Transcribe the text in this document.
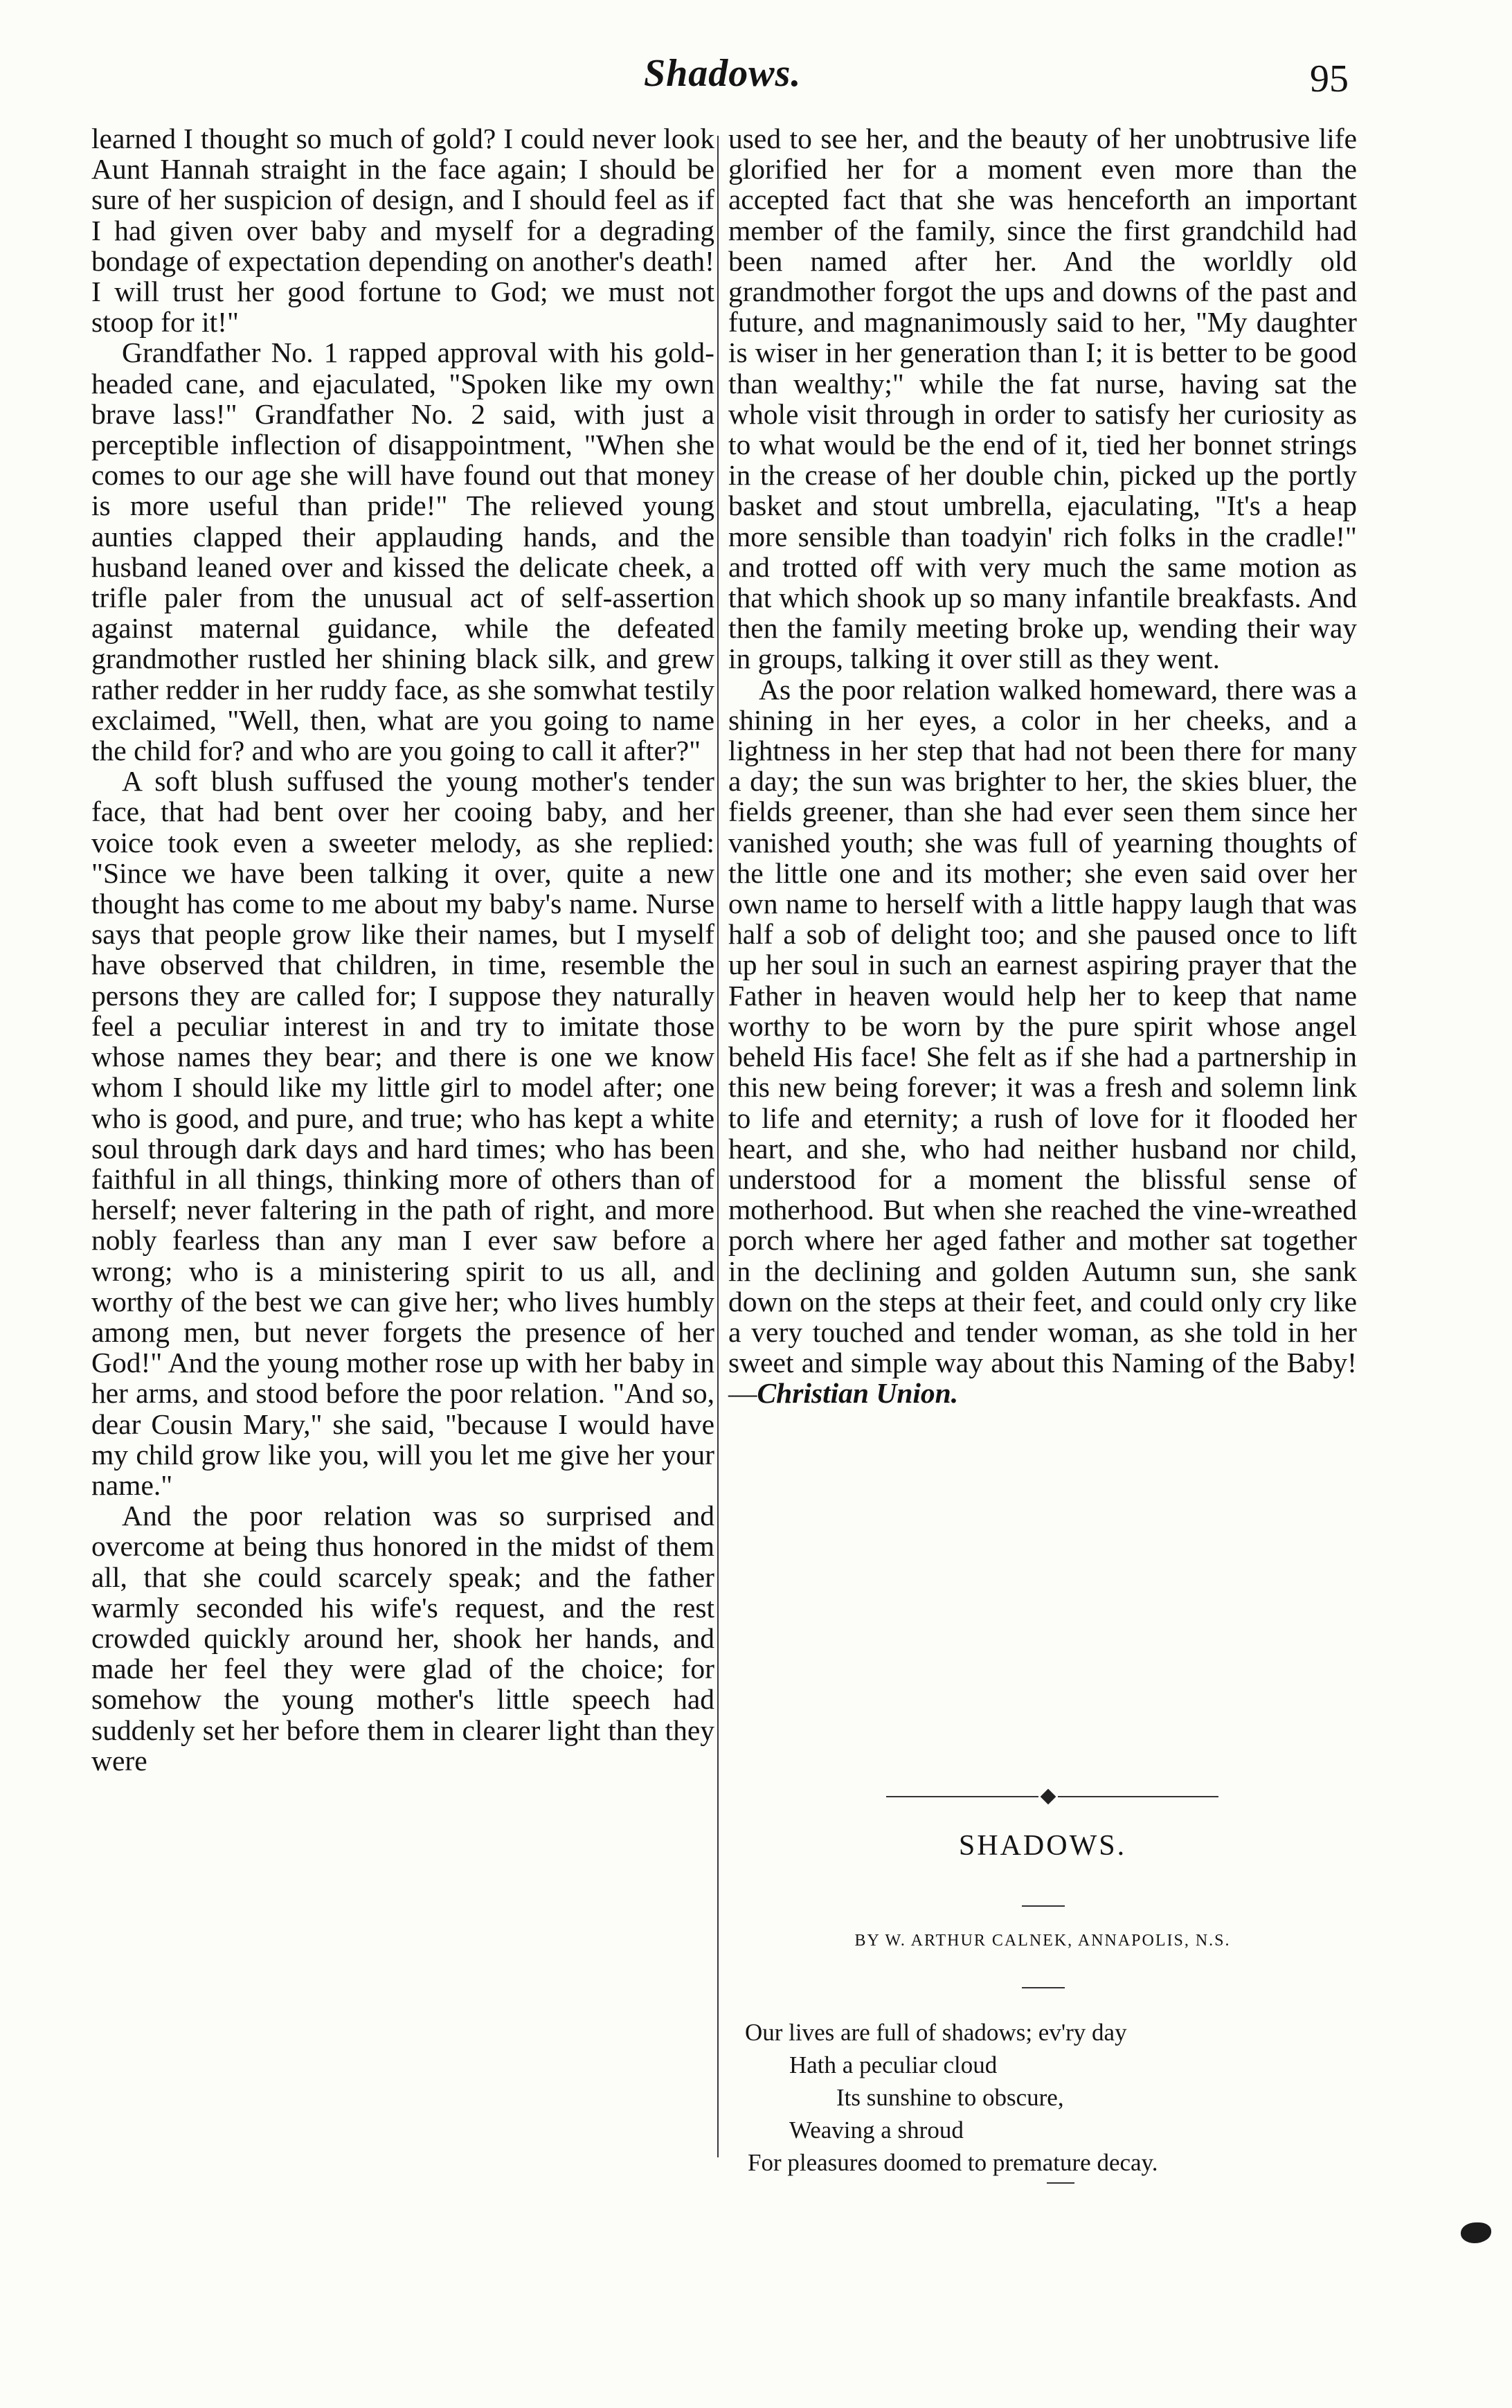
Shadows.	95

learned I thought so much of gold? I could never look Aunt Hannah straight in the face again; I should be sure of her suspicion of design, and I should feel as if I had given over baby and myself for a degrading bondage of expectation depending on another's death! I will trust her good fortune to God; we must not stoop for it!"

Grandfather No. 1 rapped approval with his gold-headed cane, and ejaculated, "Spoken like my own brave lass!" Grandfather No. 2 said, with just a perceptible inflection of disappointment, "When she comes to our age she will have found out that money is more useful than pride!" The relieved young aunties clapped their applauding hands, and the husband leaned over and kissed the delicate cheek, a trifle paler from the unusual act of self-assertion against maternal guidance, while the defeated grandmother rustled her shining black silk, and grew rather redder in her ruddy face, as she somwhat testily exclaimed, "Well, then, what are you going to name the child for? and who are you going to call it after?"

A soft blush suffused the young mother's tender face, that had bent over her cooing baby, and her voice took even a sweeter melody, as she replied: "Since we have been talking it over, quite a new thought has come to me about my baby's name. Nurse says that people grow like their names, but I myself have observed that children, in time, resemble the persons they are called for; I suppose they naturally feel a peculiar interest in and try to imitate those whose names they bear; and there is one we know whom I should like my little girl to model after; one who is good, and pure, and true; who has kept a white soul through dark days and hard times; who has been faithful in all things, thinking more of others than of herself; never faltering in the path of right, and more nobly fearless than any man I ever saw before a wrong; who is a ministering spirit to us all, and worthy of the best we can give her; who lives humbly among men, but never forgets the presence of her God!" And the young mother rose up with her baby in her arms, and stood before the poor relation. "And so, dear Cousin Mary," she said, "because I would have my child grow like you, will you let me give her your name."

And the poor relation was so surprised and overcome at being thus honored in the midst of them all, that she could scarcely speak; and the father warmly seconded his wife's request, and the rest crowded quickly around her, shook her hands, and made her feel they were glad of the choice; for somehow the young mother's little speech had suddenly set her before them in clearer light than they were

used to see her, and the beauty of her unobtrusive life glorified her for a moment even more than the accepted fact that she was henceforth an important member of the family, since the first grandchild had been named after her. And the worldly old grandmother forgot the ups and downs of the past and future, and magnanimously said to her, "My daughter is wiser in her generation than I; it is better to be good than wealthy;" while the fat nurse, having sat the whole visit through in order to satisfy her curiosity as to what would be the end of it, tied her bonnet strings in the crease of her double chin, picked up the portly basket and stout umbrella, ejaculating, "It's a heap more sensible than toadyin' rich folks in the cradle!" and trotted off with very much the same motion as that which shook up so many infantile breakfasts. And then the family meeting broke up, wending their way in groups, talking it over still as they went.

As the poor relation walked homeward, there was a shining in her eyes, a color in her cheeks, and a lightness in her step that had not been there for many a day; the sun was brighter to her, the skies bluer, the fields greener, than she had ever seen them since her vanished youth; she was full of yearning thoughts of the little one and its mother; she even said over her own name to herself with a little happy laugh that was half a sob of delight too; and she paused once to lift up her soul in such an earnest aspiring prayer that the Father in heaven would help her to keep that name worthy to be worn by the pure spirit whose angel beheld His face! She felt as if she had a partnership in this new being forever; it was a fresh and solemn link to life and eternity; a rush of love for it flooded her heart, and she, who had neither husband nor child, understood for a moment the blissful sense of motherhood. But when she reached the vine-wreathed porch where her aged father and mother sat together in the declining and golden Autumn sun, she sank down on the steps at their feet, and could only cry like a very touched and tender woman, as she told in her sweet and simple way about this Naming of the Baby!—Christian Union.

SHADOWS.
BY W. ARTHUR CALNEK, ANNAPOLIS, N.S.
Our lives are full of shadows; ev'ry day
Hath a peculiar cloud
Its sunshine to obscure,
Weaving a shroud
For pleasures doomed to premature decay.
